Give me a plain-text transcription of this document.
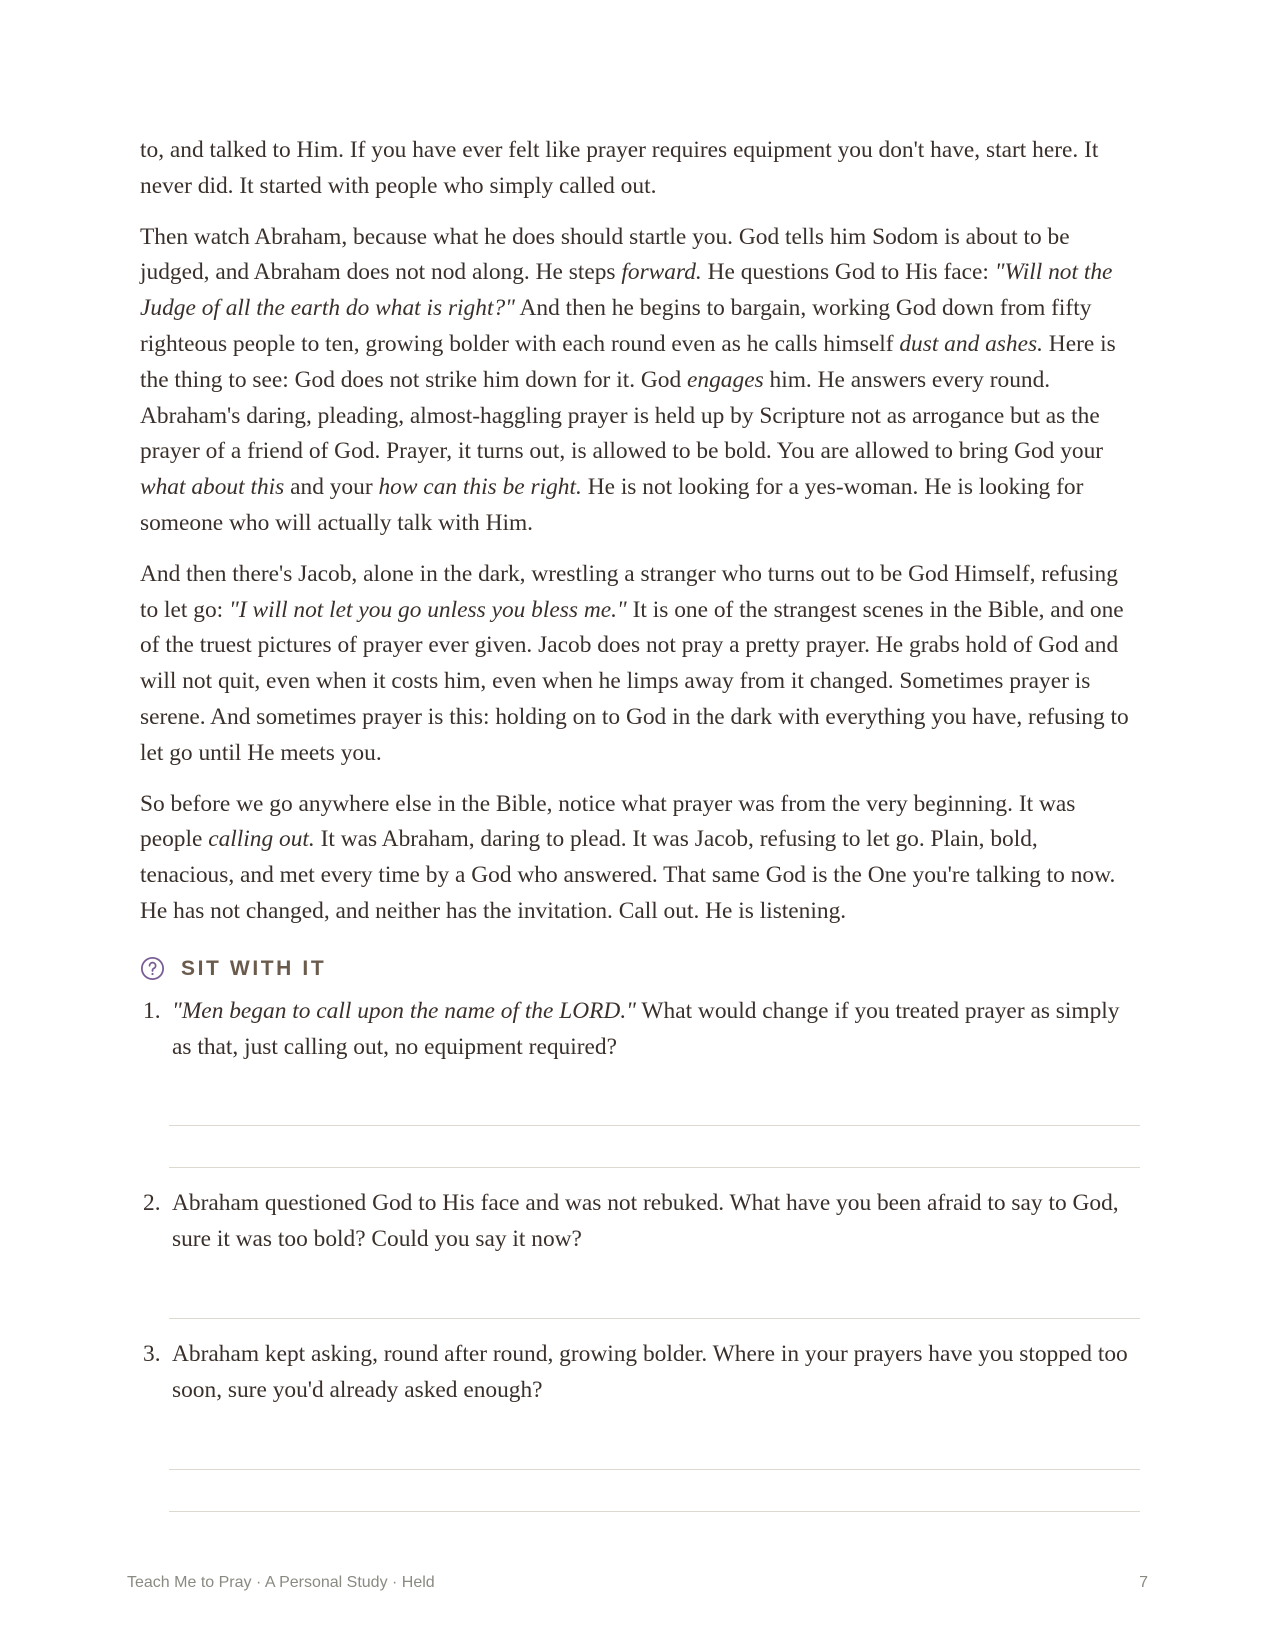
to, and talked to Him. If you have ever felt like prayer requires equipment you don't have, start here. It never did. It started with people who simply called out.

Then watch Abraham, because what he does should startle you. God tells him Sodom is about to be judged, and Abraham does not nod along. He steps forward. He questions God to His face: "Will not the Judge of all the earth do what is right?" And then he begins to bargain, working God down from fifty righteous people to ten, growing bolder with each round even as he calls himself dust and ashes. Here is the thing to see: God does not strike him down for it. God engages him. He answers every round. Abraham's daring, pleading, almost-haggling prayer is held up by Scripture not as arrogance but as the prayer of a friend of God. Prayer, it turns out, is allowed to be bold. You are allowed to bring God your what about this and your how can this be right. He is not looking for a yes-woman. He is looking for someone who will actually talk with Him.

And then there's Jacob, alone in the dark, wrestling a stranger who turns out to be God Himself, refusing to let go: "I will not let you go unless you bless me." It is one of the strangest scenes in the Bible, and one of the truest pictures of prayer ever given. Jacob does not pray a pretty prayer. He grabs hold of God and will not quit, even when it costs him, even when he limps away from it changed. Sometimes prayer is serene. And sometimes prayer is this: holding on to God in the dark with everything you have, refusing to let go until He meets you.

So before we go anywhere else in the Bible, notice what prayer was from the very beginning. It was people calling out. It was Abraham, daring to plead. It was Jacob, refusing to let go. Plain, bold, tenacious, and met every time by a God who answered. That same God is the One you're talking to now. He has not changed, and neither has the invitation. Call out. He is listening.

SIT WITH IT
1. "Men began to call upon the name of the LORD." What would change if you treated prayer as simply as that, just calling out, no equipment required?
2. Abraham questioned God to His face and was not rebuked. What have you been afraid to say to God, sure it was too bold? Could you say it now?
3. Abraham kept asking, round after round, growing bolder. Where in your prayers have you stopped too soon, sure you'd already asked enough?
Teach Me to Pray · A Personal Study · Held	7
